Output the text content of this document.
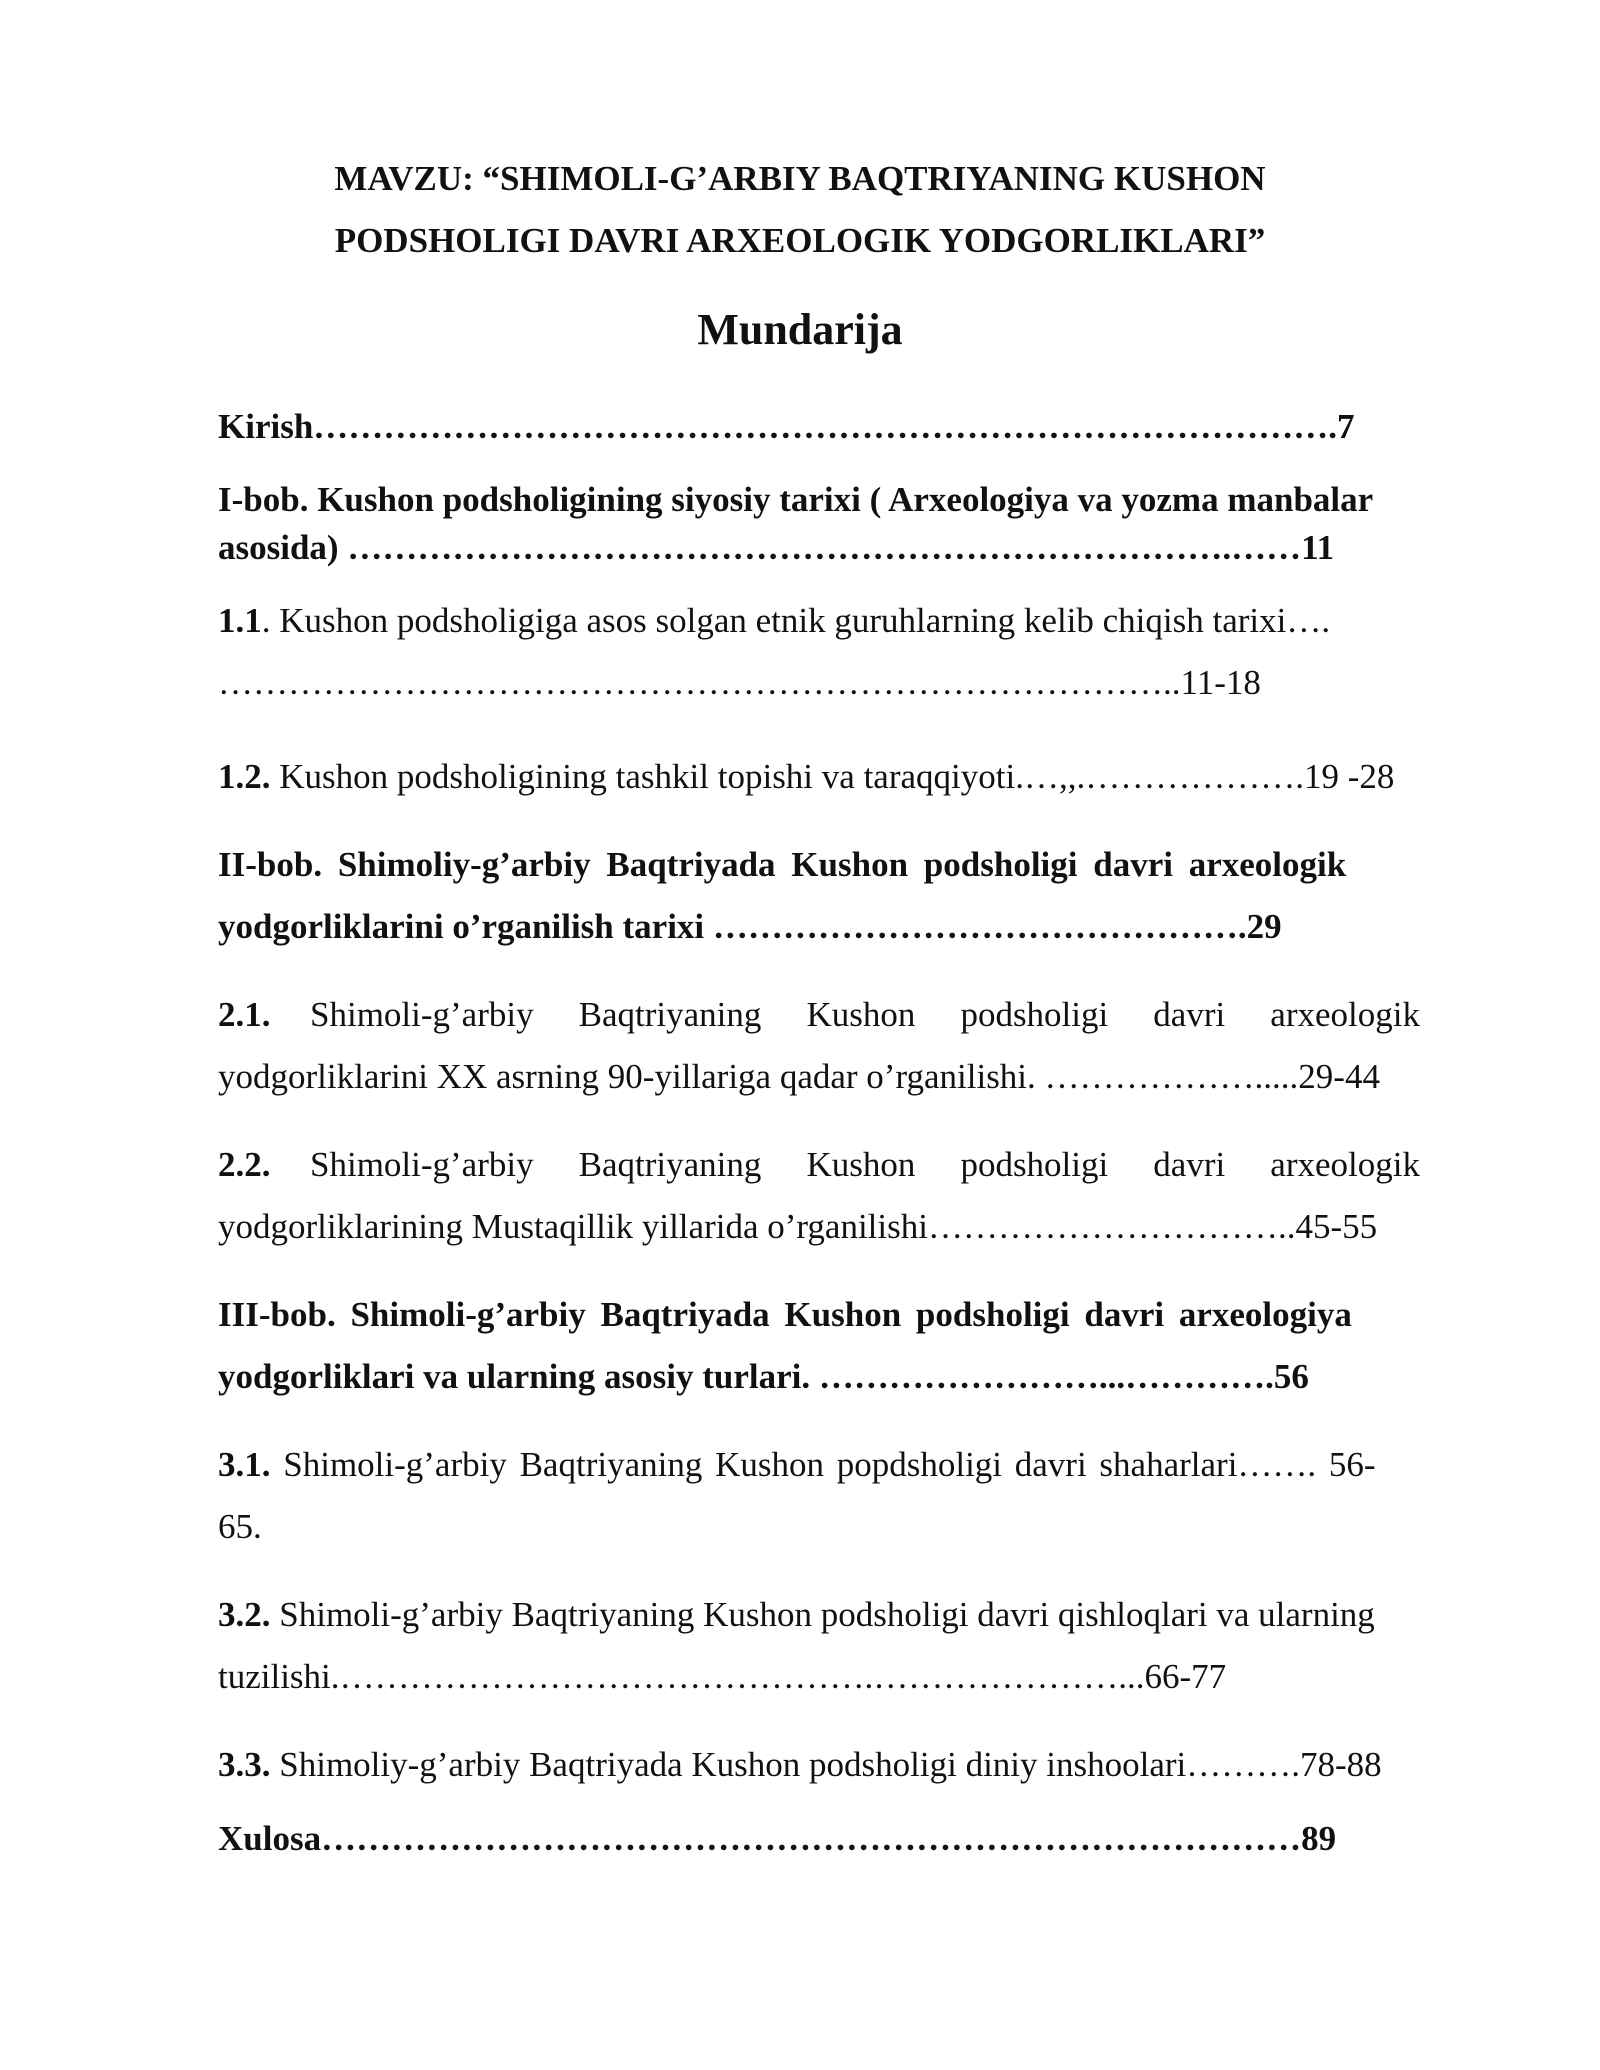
MAVZU: “SHIMOLI-G’ARBIY BAQTRIYANING KUSHON
PODSHOLIGI DAVRI ARXEOLOGIK YODGORLIKLARI”
Mundarija
Kirish…………………………………………………………………………….7
I-bob. Kushon podsholigining siyosiy tarixi ( Arxeologiya va yozma manbalar
asosida) ………………………………………………………………….……11
1.1. Kushon podsholigiga asos solgan etnik guruhlarning kelib chiqish tarixi….
………………………………………………………………………..11-18
1.2. Kushon podsholigining tashkil topishi va taraqqiyoti.…,,.……………….19 -28
II-bob. Shimoliy-g’arbiy Baqtriyada Kushon podsholigi davri arxeologik
yodgorliklarini o’rganilish tarixi ……………………………………….29
2.1. Shimoli-g’arbiy Baqtriyaning Kushon podsholigi davri arxeologik
yodgorliklarini XX asrning 90-yillariga qadar o’rganilishi. ……………….....29-44
2.2. Shimoli-g’arbiy Baqtriyaning Kushon podsholigi davri arxeologik
yodgorliklarining Mustaqillik yillarida o’rganilishi…………………………..45-55
III-bob. Shimoli-g’arbiy Baqtriyada Kushon podsholigi davri arxeologiya
yodgorliklari va ularning asosiy turlari. ……………………...………….56
3.1. Shimoli-g’arbiy Baqtriyaning Kushon popdsholigi davri shaharlari……. 56-
65.
3.2. Shimoli-g’arbiy Baqtriyaning Kushon podsholigi davri qishloqlari va ularning
tuzilishi.……………………………………….…………………...66-77
3.3. Shimoliy-g’arbiy Baqtriyada Kushon podsholigi diniy inshoolari……….78-88
Xulosa…………………………………………………………………………89
